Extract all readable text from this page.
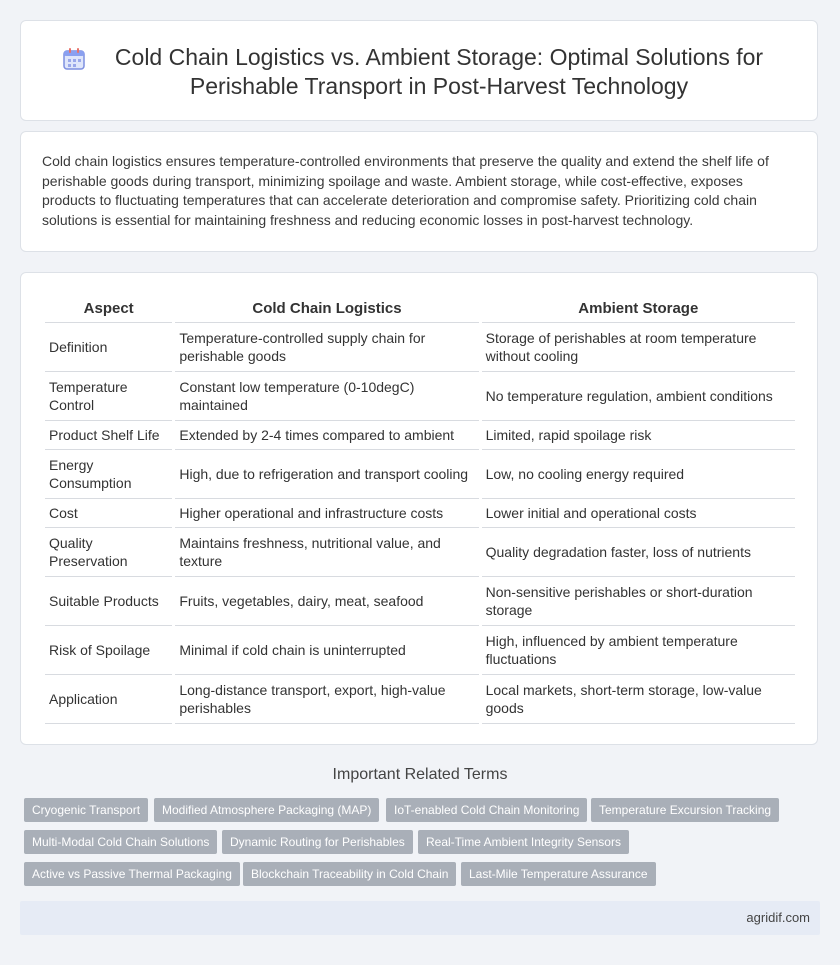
Cold Chain Logistics vs. Ambient Storage: Optimal Solutions for Perishable Transport in Post-Harvest Technology

Cold chain logistics ensures temperature-controlled environments that preserve the quality and extend the shelf life of perishable goods during transport, minimizing spoilage and waste. Ambient storage, while cost-effective, exposes products to fluctuating temperatures that can accelerate deterioration and compromise safety. Prioritizing cold chain solutions is essential for maintaining freshness and reducing economic losses in post-harvest technology.

Aspect	Cold Chain Logistics	Ambient Storage
Definition	Temperature-controlled supply chain for perishable goods	Storage of perishables at room temperature without cooling
Temperature Control	Constant low temperature (0-10degC) maintained	No temperature regulation, ambient conditions
Product Shelf Life	Extended by 2-4 times compared to ambient	Limited, rapid spoilage risk
Energy Consumption	High, due to refrigeration and transport cooling	Low, no cooling energy required
Cost	Higher operational and infrastructure costs	Lower initial and operational costs
Quality Preservation	Maintains freshness, nutritional value, and texture	Quality degradation faster, loss of nutrients
Suitable Products	Fruits, vegetables, dairy, meat, seafood	Non-sensitive perishables or short-duration storage
Risk of Spoilage	Minimal if cold chain is uninterrupted	High, influenced by ambient temperature fluctuations
Application	Long-distance transport, export, high-value perishables	Local markets, short-term storage, low-value goods
Important Related Terms
Cryogenic Transport	Modified Atmosphere Packaging (MAP)	IoT-enabled Cold Chain Monitoring	Temperature Excursion Tracking
Multi-Modal Cold Chain Solutions	Dynamic Routing for Perishables	Real-Time Ambient Integrity Sensors
Active vs Passive Thermal Packaging	Blockchain Traceability in Cold Chain	Last-Mile Temperature Assurance
agridif.com
